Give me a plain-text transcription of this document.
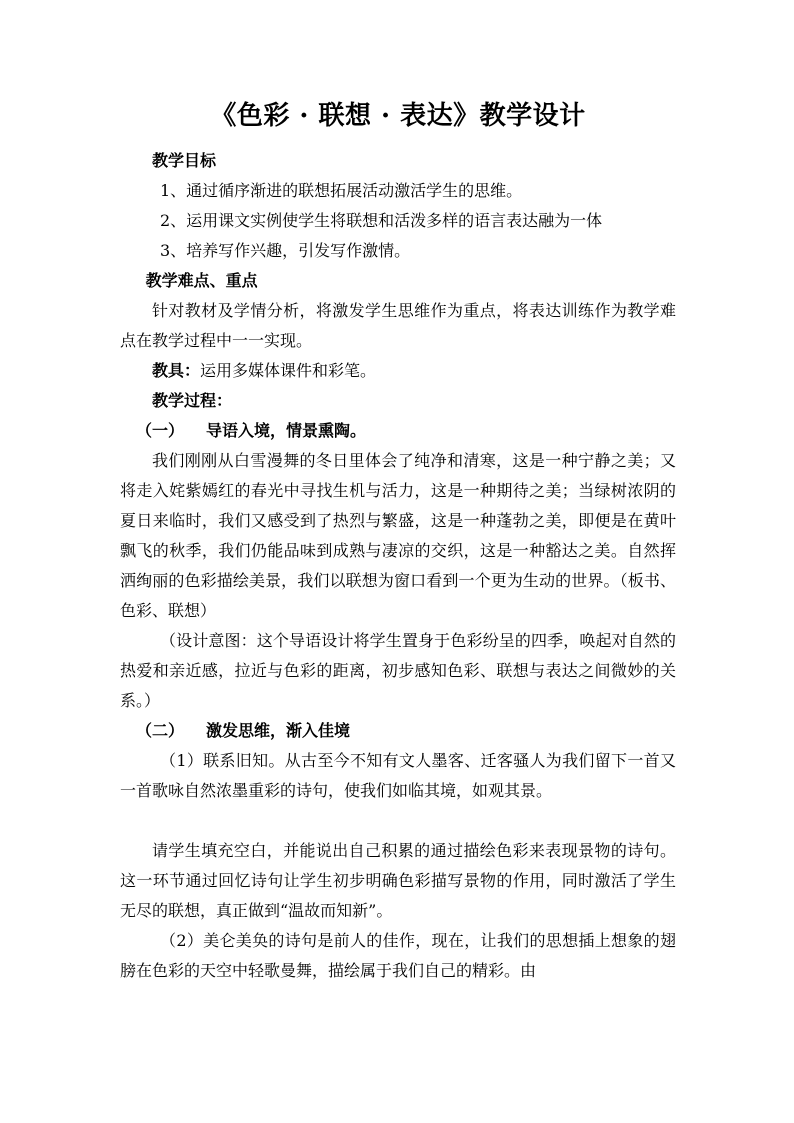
《色彩 · 联想 · 表达》教学设计

教学目标

1、通过循序渐进的联想拓展活动激活学生的思维。

2、运用课文实例使学生将联想和活泼多样的语言表达融为一体

3、培养写作兴趣，引发写作激情。

教学难点、重点

针对教材及学情分析，将激发学生思维作为重点，将表达训练作为教学难点在教学过程中一一实现。

教具：运用多媒体课件和彩笔。

教学过程：

（一） 导语入境，情景熏陶。

我们刚刚从白雪漫舞的冬日里体会了纯净和清寒，这是一种宁静之美；又将走入姹紫嫣红的春光中寻找生机与活力，这是一种期待之美；当绿树浓阴的夏日来临时，我们又感受到了热烈与繁盛，这是一种蓬勃之美，即便是在黄叶飘飞的秋季，我们仍能品味到成熟与凄凉的交织，这是一种豁达之美。自然挥洒绚丽的色彩描绘美景，我们以联想为窗口看到一个更为生动的世界。（板书、色彩、联想）

（设计意图：这个导语设计将学生置身于色彩纷呈的四季，唤起对自然的热爱和亲近感，拉近与色彩的距离，初步感知色彩、联想与表达之间微妙的关系。）

（二） 激发思维，渐入佳境

（1）联系旧知。从古至今不知有文人墨客、迁客骚人为我们留下一首又一首歌咏自然浓墨重彩的诗句，使我们如临其境，如观其景。

请学生填充空白，并能说出自己积累的通过描绘色彩来表现景物的诗句。这一环节通过回忆诗句让学生初步明确色彩描写景物的作用，同时激活了学生无尽的联想，真正做到“温故而知新”。

（2）美仑美奂的诗句是前人的佳作，现在，让我们的思想插上想象的翅膀在色彩的天空中轻歌曼舞，描绘属于我们自己的精彩。由
